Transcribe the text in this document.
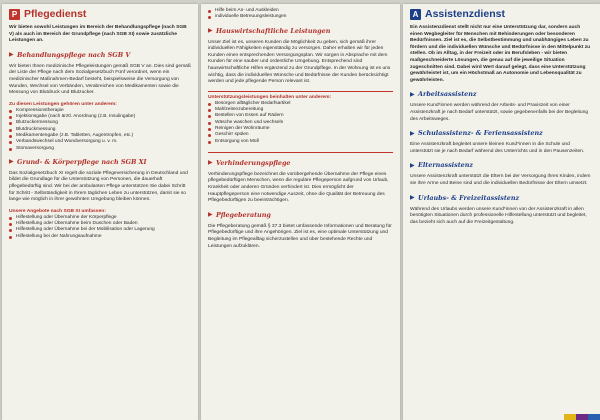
P Pflegedienst

Wir bieten sowohl Leistungen im Bereich der Behandlungspflege (nach SGB V) als auch im Bereich der Grundpflege (nach SGB XI) sowie zusätzliche Leistungen an.

▶ Behandlungspflege nach SGB V

Wir bieten Ihnen medizinische Pflegeleistungen gemäß SGB V an. Dies sind gemäß der Liste der Pflege nach dem Sozialgesetzbuch Fünf verordnet, wenn ein medizinischer Maßnahmen-Bedarf besteht, beispielsweise die Versorgung von Wunden, Wechsel von Verbänden, Verabreichen von Medikamenten sowie die Messung von Blutdruck und Blutzucker.

Zu diesen Leistungen gehören unter anderem:
Kompressionstherapie
Injektionsgabe (nach ärztl. Anordnung (z.B. Insulingabe)
Blutzuckermessung
Blutdruckmessung
Medikamentengabe (z.B. Tabletten, Augentropfen, etc.)
Verbandswechsel und Wundversorgung u. v. m.
Stomaversorgung
▶ Grund- & Körperpflege nach SGB XI

Das Sozialgesetzbuch XI regelt die soziale Pflegeversicherung in Deutschland und bildet die Grundlage für die Unterstützung von Personen, die dauerhaft pflegebedürftig sind. Wir bei der ambulanten Pflege unterstützen Sie dabei Schritt für Schritt - Selbständigkeit in Ihrem täglichen Leben zu unterstützen, damit sie so lange wie möglich in ihrer gewohnten Umgebung bleiben können.

Unsere Angebote nach SGB XI umfassen:
Hilfestellung oder Übernahme der Körperpflege
Hilfestellung oder Übernahme beim Duschen oder Baden
Hilfestellung oder Übernahme bei der Mobilisation oder Lagerung
Hilfestellung bei der Nahrungsaufnahme
Hilfe beim An- und Auskleiden
individuelle Betreuungsleistungen
▶ Hauswirtschaftliche Leistungen

Unser Ziel ist es, unseren Kunden die Möglichkeit zu geben, sich gemäß ihrer individuellen Fähigkeiten eigenständig zu versorgen. Daher erhalten wir für jeden Kunden einen entsprechenden Versorgungsplan. Wir sorgen in Absprache mit dem Kunden für eine sauber und ordentliche Umgebung. Entsprechend sind hauswirtschaftliche Hilfen ergänzend zu der Grundpflege. In der Wohnung ist es uns wichtig, dass die individuellen Wünsche und Bedürfnisse der Kunden berücksichtigt werden und jede pflegende Person relevant ist.

Unterstützungsleistungen beinhalten unter anderem:
Besorgen alltäglicher Bedarfsartikel
Mahlzeitenzubereitung
Bestellen von Essen auf Rädern
Wäsche waschen und wechseln
Reinigen der Wohnräume
Geschirr spülen
Entsorgung von Müll
▶ Verhinderungspflege

Verhinderungspflege bezeichnet die vorübergehende Übernahme der Pflege eines pflegebedürftigen Menschen, wenn die reguläre Pflegeperson aufgrund von Urlaub, Krankheit oder anderen Gründen verhindert ist. Dies ermöglicht der Hauptpflegeperson eine notwendige Auszeit, ohne die Qualität der Betreuung des Pflegebedürftigen zu beeinträchtigen.

▶ Pflegeberatung

Die Pflegeberatung gemäß § 37.3 bietet umfassende Informationen und Beratung für Pflegebedürftige und ihre Angehörigen. Ziel ist es, eine optimale Unterstützung und Begleitung im Pflegealltag sicherzustellen und über bestehende Rechte und Leistungen aufzuklären.

A Assistenzdienst

Ein Assistenzdienst stellt nicht nur eine Unterstützung dar, sondern auch einen Wegbegleiter für Menschen mit Behinderungen oder besonderen Bedürfnissen. Ziel ist es, die Selbstbestimmung und unabhängiges Leben zu fördern und die individuellen Wünsche und Bedürfnisse in den Mittelpunkt zu stellen. Ob im Alltag, in der Freizeit oder im Berufsleben - wir bieten maßgeschneiderte Lösungen, die genau auf die jeweilige Situation zugeschnitten sind. Dabei wird Wert darauf gelegt, dass eine Unterstützung gewährleistet ist, um ein Höchstmaß an Autonomie und Lebensqualität zu gewährleisten.

▶ Arbeitsassistenz

Unsere Kund*innen werden während der Arbeits- und Praxiszeit von einer Assistenzkraft je nach Bedarf unterstützt, sowie gegebenenfalls bei der Begleitung des Arbeitsweges.

▶ Schulassistenz- & Feriensassistenz

Eine Assistenzkraft begleitet unsere kleinen Kund*innen in die Schule und unterstützt sie je nach Bedarf während des Unterrichts und in den Pausenzeiten.

▶ Elternassistenz

Unsere Assistenzkraft unterstützt die Eltern bei der Versorgung ihres Kindes, indem sie ihre Arme und Beine sind und die individuellen Bedürfnisse der Eltern umsetzt.

▶ Urlaubs- & Freizeitassistenz

Während des Urlaubs werden unsere Kund*innen von der Assistenzkraft in allen benötigten Situationen durch professionelle Hilfestellung unterstützt und begleitet, das bezieht sich auch auf die Freizeitgestaltung.
